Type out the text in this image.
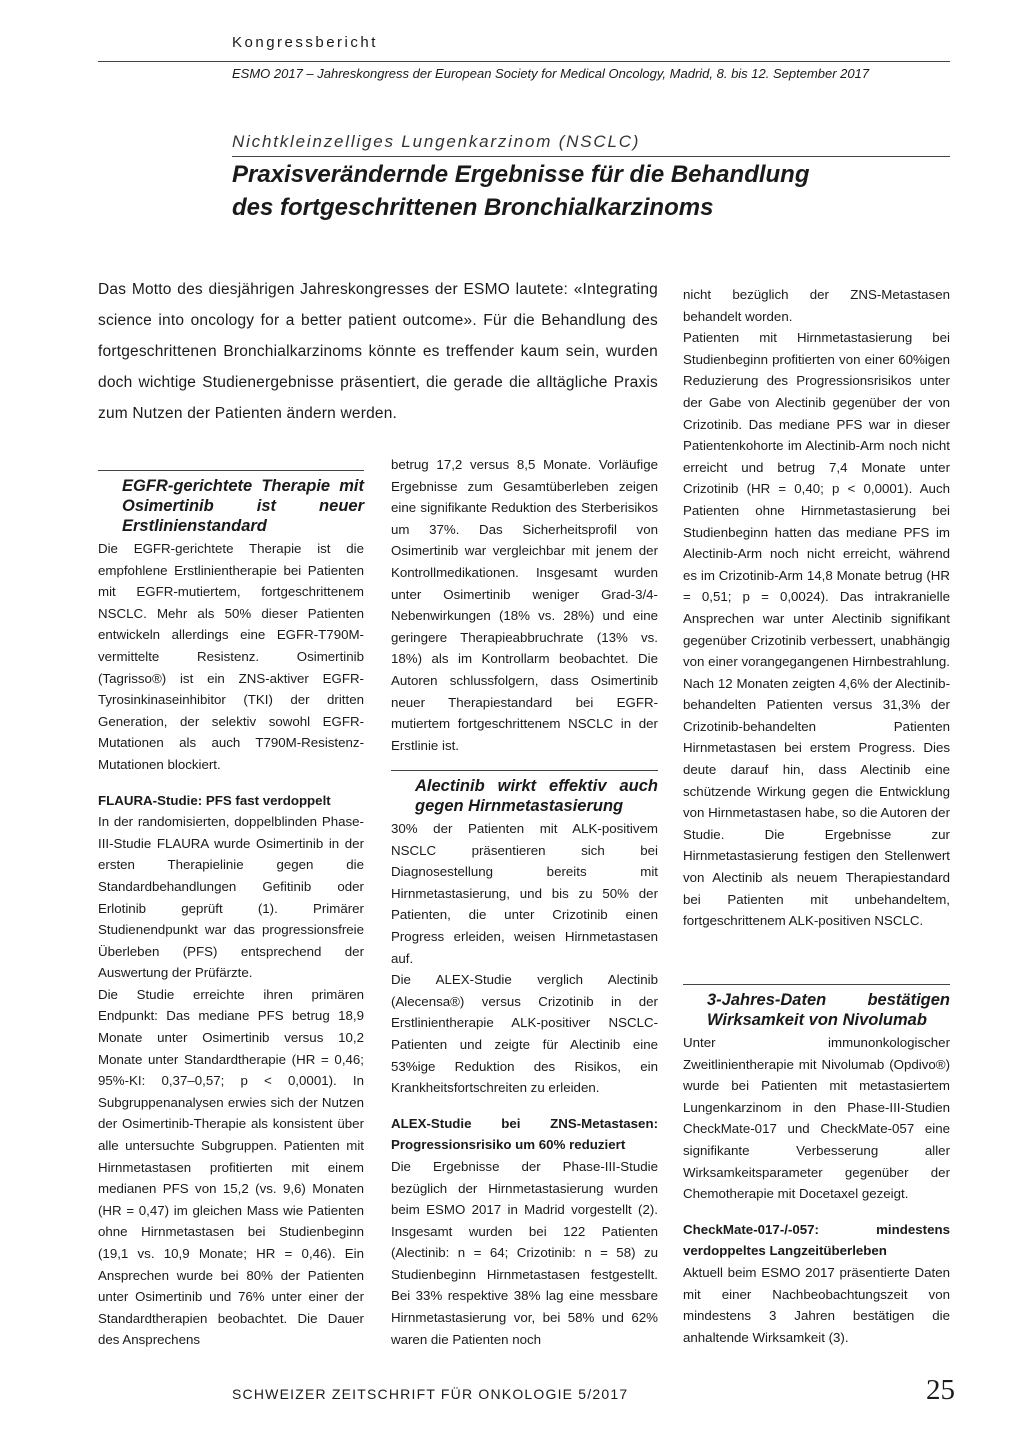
Kongressbericht
ESMO 2017 – Jahreskongress der European Society for Medical Oncology, Madrid, 8. bis 12. September 2017
Nichtkleinzelliges Lungenkarzinom (NSCLC)
Praxisverändernde Ergebnisse für die Behandlung
des fortgeschrittenen Bronchialkarzinoms
Das Motto des diesjährigen Jahreskongresses der ESMO lautete: «Integrating science into oncology for a better patient outcome». Für die Behandlung des fortgeschrittenen Bronchialkarzinoms könnte es treffender kaum sein, wurden doch wichtige Studienergebnisse präsentiert, die gerade die alltägliche Praxis zum Nutzen der Patienten ändern werden.
EGFR-gerichtete Therapie mit Osimertinib ist neuer Erstlinienstandard

Die EGFR-gerichtete Therapie ist die empfohlene Erstlinientherapie bei Patienten mit EGFR-mutiertem, fortgeschrittenem NSCLC. Mehr als 50% dieser Patienten entwickeln allerdings eine EGFR-T790M-vermittelte Resistenz. Osimertinib (Tagrisso®) ist ein ZNS-aktiver EGFR-Tyrosinkinaseinhibitor (TKI) der dritten Generation, der selektiv sowohl EGFR-Mutationen als auch T790M-Resistenz-Mutationen blockiert.

FLAURA-Studie: PFS fast verdoppelt

In der randomisierten, doppelblinden Phase-III-Studie FLAURA wurde Osimertinib in der ersten Therapielinie gegen die Standardbehandlungen Gefitinib oder Erlotinib geprüft (1). Primärer Studienendpunkt war das progressionsfreie Überleben (PFS) entsprechend der Auswertung der Prüfärzte.

Die Studie erreichte ihren primären Endpunkt: Das mediane PFS betrug 18,9 Monate unter Osimertinib versus 10,2 Monate unter Standardtherapie (HR = 0,46; 95%-KI: 0,37–0,57; p < 0,0001). In Subgruppenanalysen erwies sich der Nutzen der Osimertinib-Therapie als konsistent über alle untersuchte Subgruppen. Patienten mit Hirnmetastasen profitierten mit einem medianen PFS von 15,2 (vs. 9,6) Monaten (HR = 0,47) im gleichen Mass wie Patienten ohne Hirnmetastasen bei Studienbeginn (19,1 vs. 10,9 Monate; HR = 0,46). Ein Ansprechen wurde bei 80% der Patienten unter Osimertinib und 76% unter einer der Standardtherapien beobachtet. Die Dauer des Ansprechens

betrug 17,2 versus 8,5 Monate. Vorläufige Ergebnisse zum Gesamtüberleben zeigen eine signifikante Reduktion des Sterberisikos um 37%. Das Sicherheitsprofil von Osimertinib war vergleichbar mit jenem der Kontrollmedikationen. Insgesamt wurden unter Osimertinib weniger Grad-3/4-Nebenwirkungen (18% vs. 28%) und eine geringere Therapieabbruchrate (13% vs. 18%) als im Kontrollarm beobachtet. Die Autoren schlussfolgern, dass Osimertinib neuer Therapiestandard bei EGFR-mutiertem fortgeschrittenem NSCLC in der Erstlinie ist.

Alectinib wirkt effektiv auch gegen Hirnmetastasierung

30% der Patienten mit ALK-positivem NSCLC präsentieren sich bei Diagnosestellung bereits mit Hirnmetastasierung, und bis zu 50% der Patienten, die unter Crizotinib einen Progress erleiden, weisen Hirnmetastasen auf.

Die ALEX-Studie verglich Alectinib (Alecensa®) versus Crizotinib in der Erstlinientherapie ALK-positiver NSCLC-Patienten und zeigte für Alectinib eine 53%ige Reduktion des Risikos, ein Krankheitsfortschreiten zu erleiden.

ALEX-Studie bei ZNS-Metastasen: Progressionsrisiko um 60% reduziert

Die Ergebnisse der Phase-III-Studie bezüglich der Hirnmetastasierung wurden beim ESMO 2017 in Madrid vorgestellt (2). Insgesamt wurden bei 122 Patienten (Alectinib: n = 64; Crizotinib: n = 58) zu Studienbeginn Hirnmetastasen festgestellt. Bei 33% respektive 38% lag eine messbare Hirnmetastasierung vor, bei 58% und 62% waren die Patienten noch

nicht bezüglich der ZNS-Metastasen behandelt worden.

Patienten mit Hirnmetastasierung bei Studienbeginn profitierten von einer 60%igen Reduzierung des Progressionsrisikos unter der Gabe von Alectinib gegenüber der von Crizotinib. Das mediane PFS war in dieser Patientenkohorte im Alectinib-Arm noch nicht erreicht und betrug 7,4 Monate unter Crizotinib (HR = 0,40; p < 0,0001). Auch Patienten ohne Hirnmetastasierung bei Studienbeginn hatten das mediane PFS im Alectinib-Arm noch nicht erreicht, während es im Crizotinib-Arm 14,8 Monate betrug (HR = 0,51; p = 0,0024). Das intrakranielle Ansprechen war unter Alectinib signifikant gegenüber Crizotinib verbessert, unabhängig von einer vorangegangenen Hirnbestrahlung. Nach 12 Monaten zeigten 4,6% der Alectinib-behandelten Patienten versus 31,3% der Crizotinib-behandelten Patienten Hirnmetastasen bei erstem Progress. Dies deute darauf hin, dass Alectinib eine schützende Wirkung gegen die Entwicklung von Hirnmetastasen habe, so die Autoren der Studie. Die Ergebnisse zur Hirnmetastasierung festigen den Stellenwert von Alectinib als neuem Therapiestandard bei Patienten mit unbehandeltem, fortgeschrittenem ALK-positiven NSCLC.

3-Jahres-Daten bestätigen Wirksamkeit von Nivolumab

Unter immunonkologischer Zweitlinientherapie mit Nivolumab (Opdivo®) wurde bei Patienten mit metastasiertem Lungenkarzinom in den Phase-III-Studien CheckMate-017 und CheckMate-057 eine signifikante Verbesserung aller Wirksamkeitsparameter gegenüber der Chemotherapie mit Docetaxel gezeigt.

CheckMate-017-/-057: mindestens verdoppeltes Langzeitüberleben

Aktuell beim ESMO 2017 präsentierte Daten mit einer Nachbeobachtungszeit von mindestens 3 Jahren bestätigen die anhaltende Wirksamkeit (3).

SCHWEIZER ZEITSCHRIFT FÜR ONKOLOGIE 5/2017	25
